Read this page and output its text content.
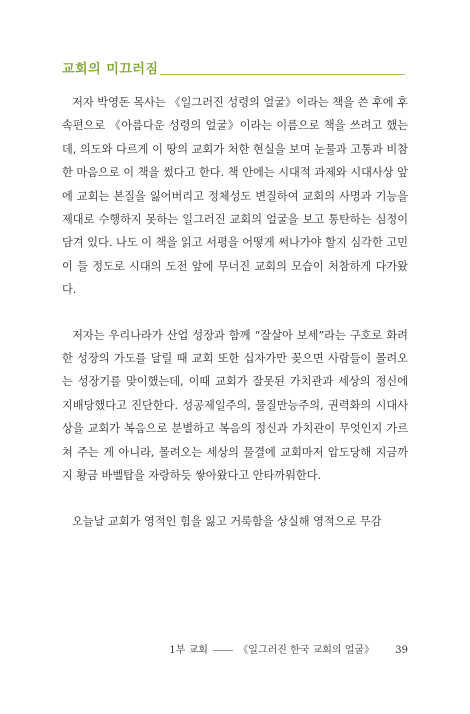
교회의 미끄러짐

저자 박영돈 목사는 《일그러진 성령의 얼굴》이라는 책을 쓴 후에 후속편으로 《아름다운 성령의 얼굴》이라는 이름으로 책을 쓰려고 했는데, 의도와 다르게 이 땅의 교회가 처한 현실을 보며 눈물과 고통과 비참한 마음으로 이 책을 썼다고 한다. 책 안에는 시대적 과제와 시대사상 앞에 교회는 본질을 잃어버리고 정체성도 변질하여 교회의 사명과 기능을 제대로 수행하지 못하는 일그러진 교회의 얼굴을 보고 통탄하는 심정이 담겨 있다. 나도 이 책을 읽고 서평을 어떻게 써나가야 할지 심각한 고민이 들 정도로 시대의 도전 앞에 무너진 교회의 모습이 처참하게 다가왔다.

저자는 우리나라가 산업 성장과 함께 “잘살아 보세”라는 구호로 화려한 성장의 가도를 달릴 때 교회 또한 십자가만 꽂으면 사람들이 몰려오는 성장기를 맞이했는데, 이때 교회가 잘못된 가치관과 세상의 정신에 지배당했다고 진단한다. 성공제일주의, 물질만능주의, 권력화의 시대사상을 교회가 복음으로 분별하고 복음의 정신과 가치관이 무엇인지 가르쳐 주는 게 아니라, 몰려오는 세상의 물결에 교회마저 압도당해 지금까지 황금 바벨탑을 자랑하듯 쌓아왔다고 안타까워한다.

오늘날 교회가 영적인 힘을 잃고 거룩함을 상실해 영적으로 무감

1부 교회	《일그러진 한국 교회의 얼굴》 39
